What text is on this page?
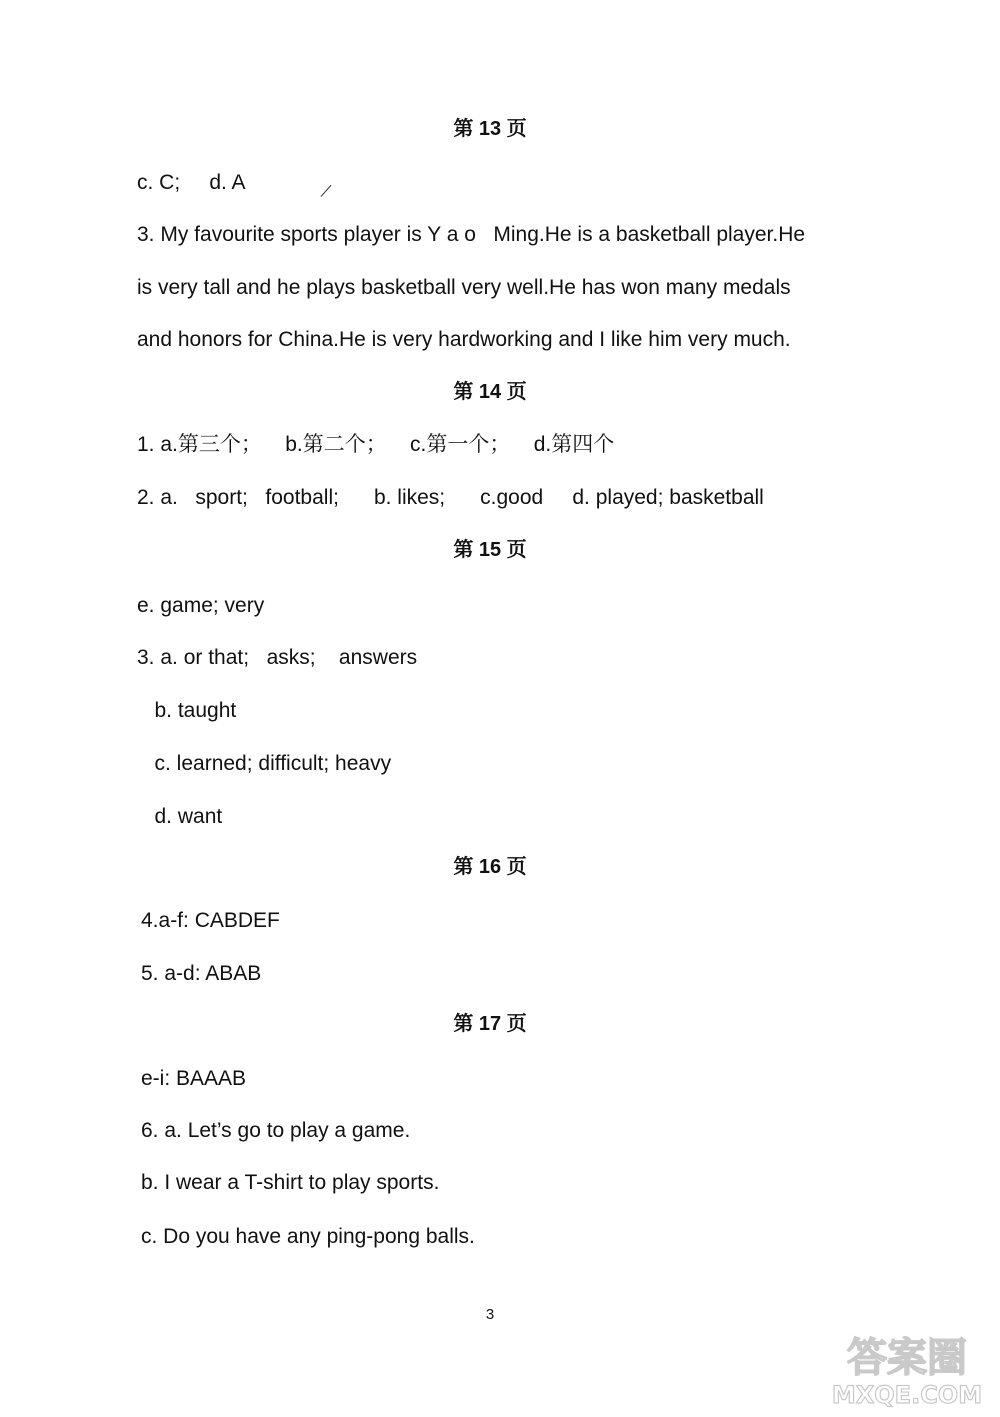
第 13 页
c. C;     d. A
3. My favourite sports player is Y a o   Ming.He is a basketball player.He
is very tall and he plays basketball very well.He has won many medals
and honors for China.He is very hardworking and I like him very much.
第 14 页
1. a.第三个；    b.第二个；    c.第一个；    d.第四个
2. a.   sport;   football;      b. likes;      c.good     d. played; basketball
第 15 页
e. game; very
3. a. or that;   asks;    answers
b. taught
c. learned; difficult; heavy
d. want
第 16 页
4.a-f: CABDEF
5. a-d: ABAB
第 17 页
e-i: BAAAB
6. a. Let’s go to play a game.
b. I wear a T-shirt to play sports.
c. Do you have any ping-pong balls.
3
答案圈
MXQE.COM
